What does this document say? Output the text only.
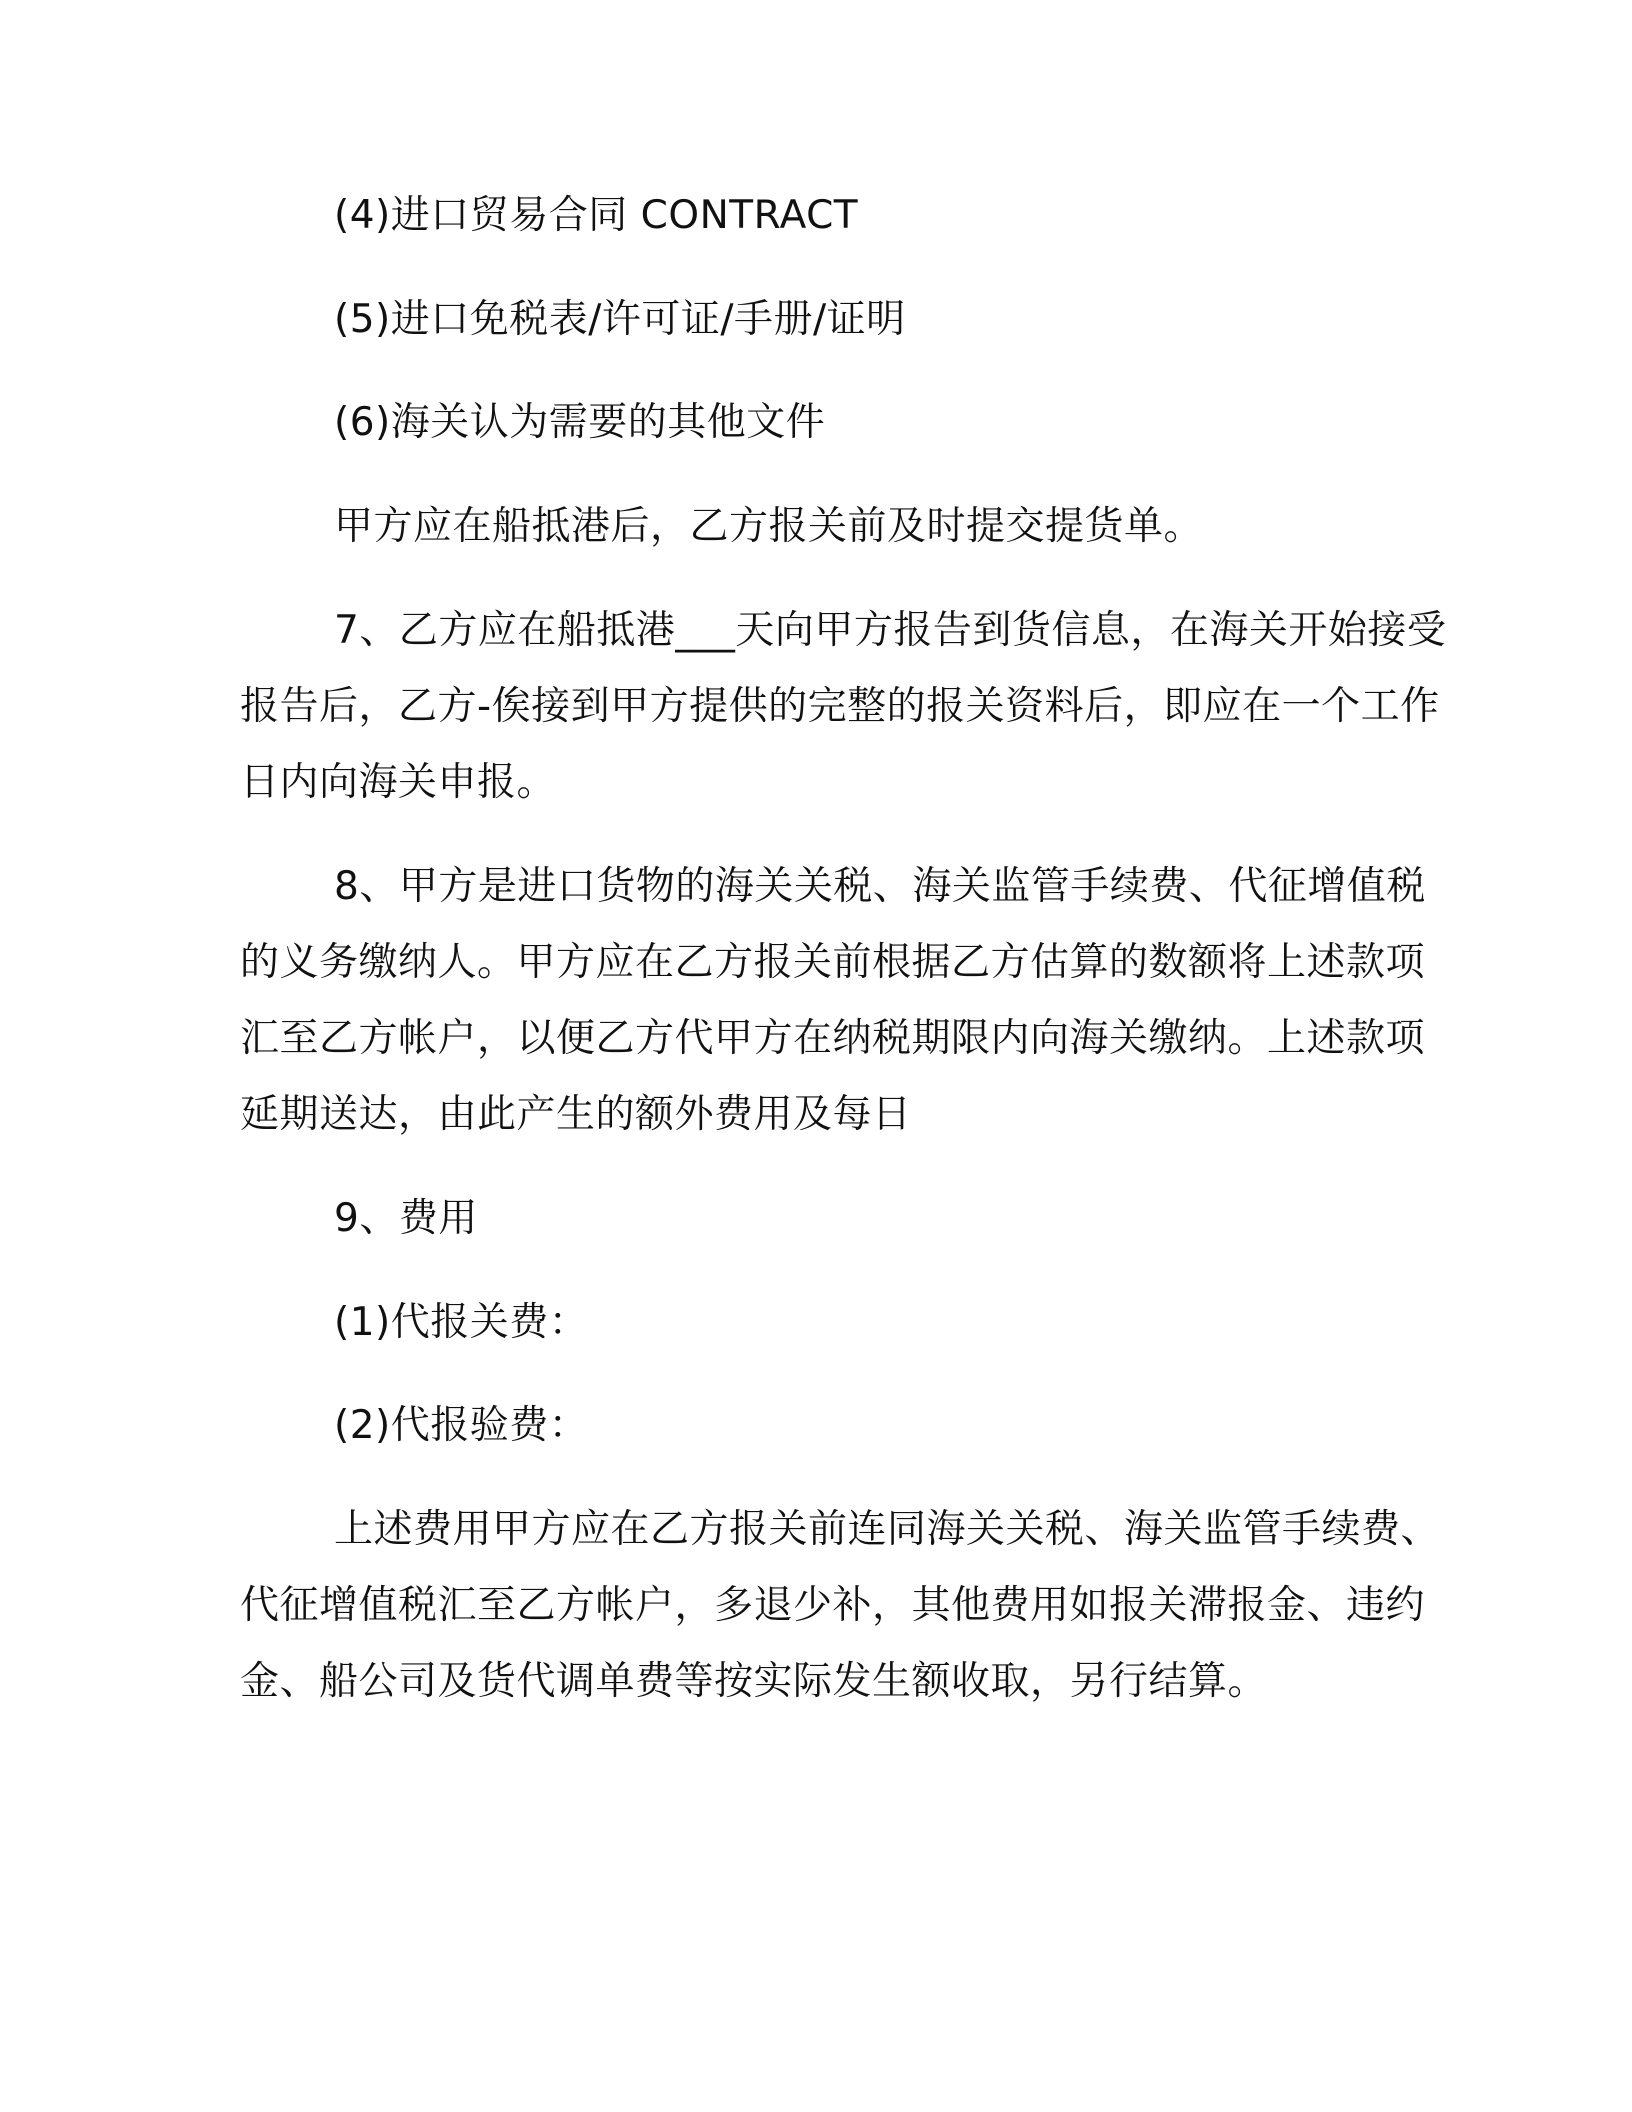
(4)进口贸易合同 CONTRACT
(5)进口免税表/许可证/手册/证明
(6)海关认为需要的其他文件
甲方应在船抵港后，乙方报关前及时提交提货单。
7、乙方应在船抵港___天向甲方报告到货信息，在海关开始接受
报告后，乙方-俟接到甲方提供的完整的报关资料后，即应在一个工作
日内向海关申报。
8、甲方是进口货物的海关关税、海关监管手续费、代征增值税
的义务缴纳人。甲方应在乙方报关前根据乙方估算的数额将上述款项
汇至乙方帐户，以便乙方代甲方在纳税期限内向海关缴纳。上述款项
延期送达，由此产生的额外费用及每日
9、费用
(1)代报关费：
(2)代报验费：
上述费用甲方应在乙方报关前连同海关关税、海关监管手续费、
代征增值税汇至乙方帐户，多退少补，其他费用如报关滞报金、违约
金、船公司及货代调单费等按实际发生额收取，另行结算。
